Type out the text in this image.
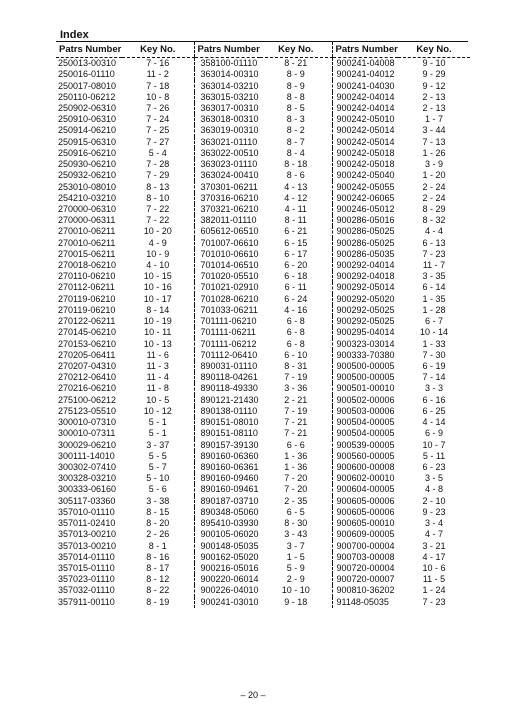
Index
Patrs Number	Key No.	Patrs Number	Key No.	Patrs Number	Key No.
250013-00310	7 - 16	358100-01110	8 - 21	900241-04008	9 - 10
250016-01110	11 - 2	363014-00310	8 - 9	900241-04012	9 - 29
250017-08010	7 - 18	363014-03210	8 - 9	900241-04030	9 - 12
250110-06212	10 - 8	363015-03210	8 - 8	900242-04014	2 - 13
250902-06310	7 - 26	363017-00310	8 - 5	900242-04014	2 - 13
250910-06310	7 - 24	363018-00310	8 - 3	900242-05010	1 - 7
250914-06210	7 - 25	363019-00310	8 - 2	900242-05014	3 - 44
250915-06310	7 - 27	363021-01110	8 - 7	900242-05014	7 - 13
250916-06210	5 - 4	363022-00510	8 - 4	900242-05018	1 - 26
250930-06210	7 - 28	363023-01110	8 - 18	900242-05018	3 - 9
250932-06210	7 - 29	363024-00410	8 - 6	900242-05040	1 - 20
253010-08010	8 - 13	370301-06211	4 - 13	900242-05055	2 - 24
254210-03210	8 - 10	370316-06210	4 - 12	900242-06065	2 - 24
270000-06310	7 - 22	370321-06210	4 - 11	900246-05012	8 - 29
270000-06311	7 - 22	382011-01110	8 - 11	900286-05016	8 - 32
270010-06211	10 - 20	605612-06510	6 - 21	900286-05025	4 - 4
270010-06211	4 - 9	701007-06610	6 - 15	900286-05025	6 - 13
270015-06211	10 - 9	701010-06610	6 - 17	900286-05035	7 - 23
270018-06210	4 - 10	701014-06510	6 - 20	900292-04014	11 - 7
270110-06210	10 - 15	701020-05510	6 - 18	900292-04018	3 - 35
270112-06211	10 - 16	701021-02910	6 - 11	900292-05014	6 - 14
270119-06210	10 - 17	701028-06210	6 - 24	900292-05020	1 - 35
270119-06210	8 - 14	701033-06211	4 - 16	900292-05025	1 - 28
270122-06211	10 - 19	701111-06210	6 - 8	900292-05025	6 - 7
270145-06210	10 - 11	701111-06211	6 - 8	900295-04014	10 - 14
270153-06210	10 - 13	701111-06212	6 - 8	900323-03014	1 - 33
270205-06411	11 - 6	701112-06410	6 - 10	900333-70380	7 - 30
270207-04310	11 - 3	890031-01110	8 - 31	900500-00005	6 - 19
270212-06410	11 - 4	890118-04261	7 - 19	900500-00005	7 - 14
270216-06210	11 - 8	890118-49330	3 - 36	900501-00010	3 - 3
275100-06212	10 - 5	890121-21430	2 - 21	900502-00006	6 - 16
275123-05510	10 - 12	890138-01110	7 - 19	900503-00006	6 - 25
300010-07310	5 - 1	890151-08010	7 - 21	900504-00005	4 - 14
300010-07311	5 - 1	890151-08110	7 - 21	900504-00005	6 - 9
300029-06210	3 - 37	890157-39130	6 - 6	900539-00005	10 - 7
300111-14010	5 - 5	890160-06360	1 - 36	900560-00005	5 - 11
300302-07410	5 - 7	890160-06361	1 - 36	900600-00008	6 - 23
300328-03210	5 - 10	890160-09460	7 - 20	900602-00010	3 - 5
300333-06160	5 - 6	890160-09461	7 - 20	900604-00005	4 - 8
305117-03360	3 - 38	890187-03710	2 - 35	900605-00006	2 - 10
357010-01110	8 - 15	890348-05060	6 - 5	900605-00006	9 - 23
357011-02410	8 - 20	895410-03930	8 - 30	900605-00010	3 - 4
357013-00210	2 - 26	900105-06020	3 - 43	900609-00005	4 - 7
357013-00210	8 - 1	900148-05035	3 - 7	900700-00004	3 - 21
357014-01110	8 - 16	900162-05020	1 - 5	900703-00008	4 - 17
357015-01110	8 - 17	900216-05016	5 - 9	900720-00004	10 - 6
357023-01110	8 - 12	900220-06014	2 - 9	900720-00007	11 - 5
357032-01110	8 - 22	900226-04010	10 - 10	900810-36202	1 - 24
357911-00110	8 - 19	900241-03010	9 - 18	91148-05035	7 - 23
– 20 –
